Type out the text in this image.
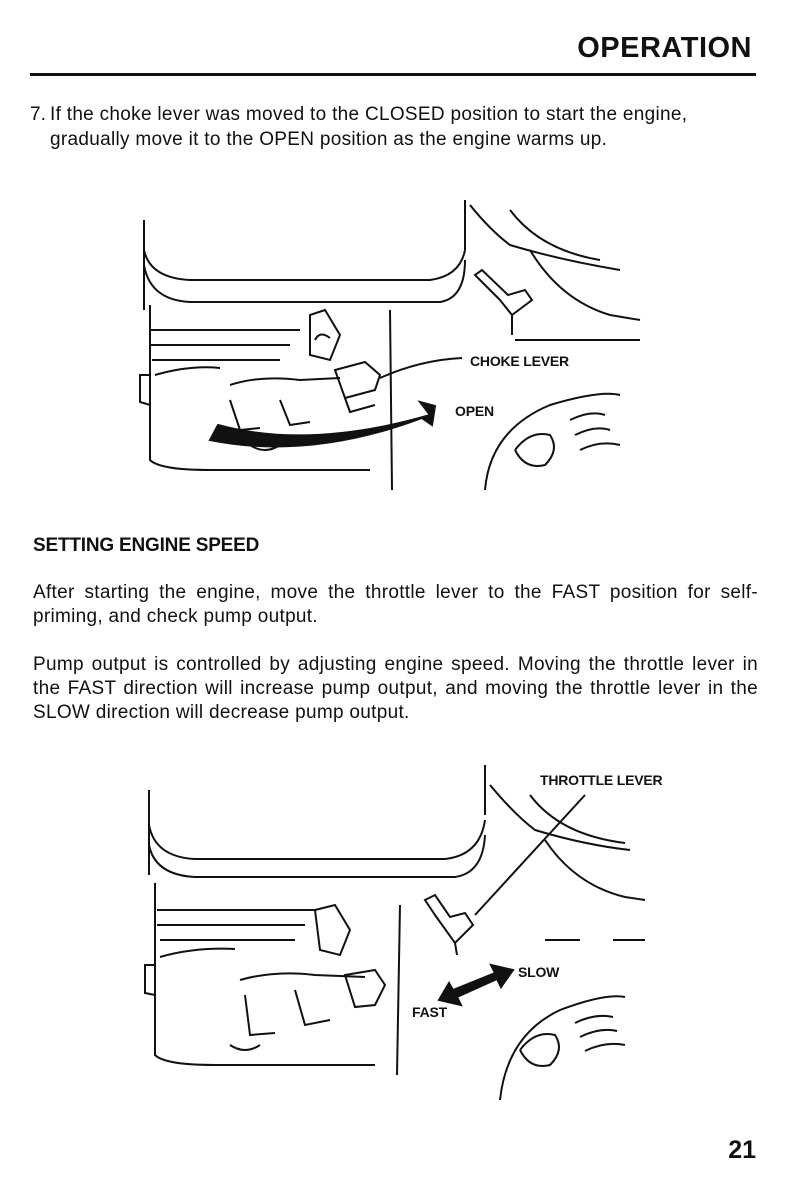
OPERATION
7. If the choke lever was moved to the CLOSED position to start the engine, gradually move it to the OPEN position as the engine warms up.
CHOKE LEVER
OPEN
SETTING ENGINE SPEED
After starting the engine, move the throttle lever to the FAST position for self-priming, and check pump output.
Pump output is controlled by adjusting engine speed. Moving the throttle lever in the FAST direction will increase pump output, and moving the throttle lever in the SLOW direction will decrease pump output.
THROTTLE LEVER
SLOW
FAST
21
